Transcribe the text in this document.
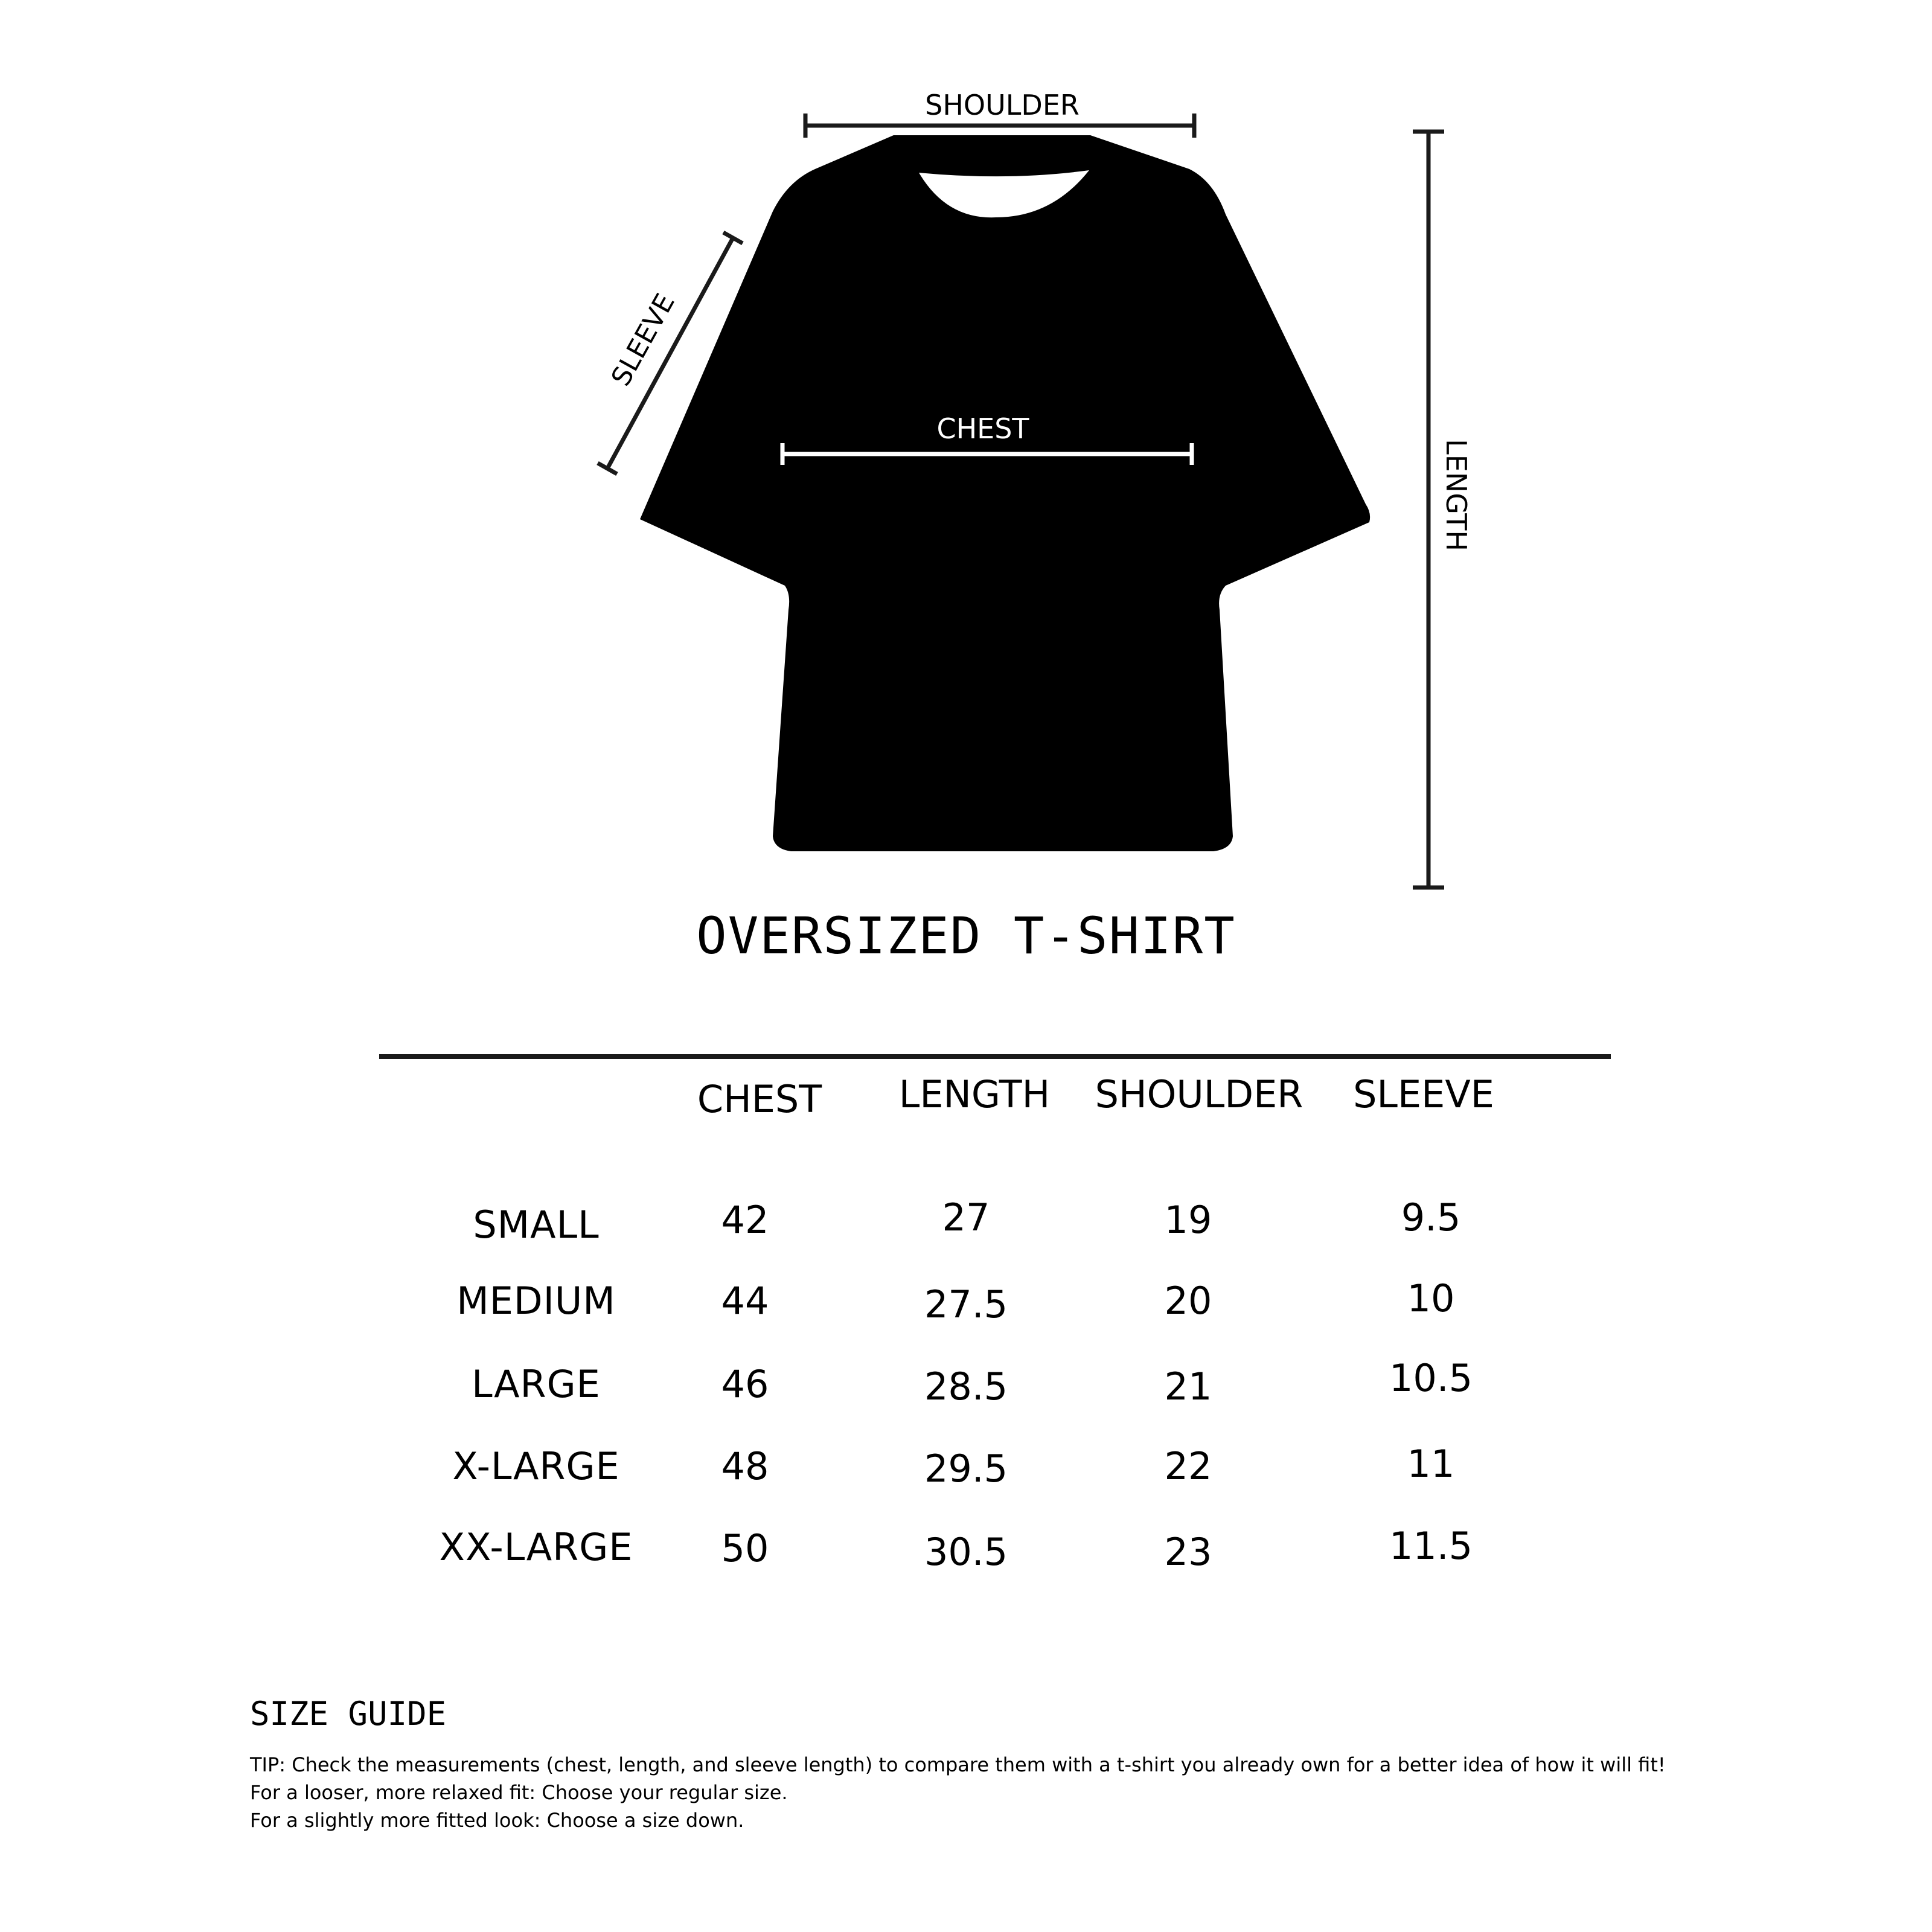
SHOULDER
SLEEVE
CHEST
LENGTH
OVERSIZED T-SHIRT
CHEST LENGTH SHOULDER SLEEVE
SMALL	42	27	19	9.5
MEDIUM	44	27.5	20	10
LARGE	46	28.5	21	10.5
X-LARGE	48	29.5	22	11
XX-LARGE 50	30.5	23	11.5
SIZE GUIDE
TIP: Check the measurements (chest, length, and sleeve length) to compare them with a t-shirt you already own for a better idea of how it will fit!
For a looser, more relaxed fit: Choose your regular size.
For a slightly more fitted look: Choose a size down.
